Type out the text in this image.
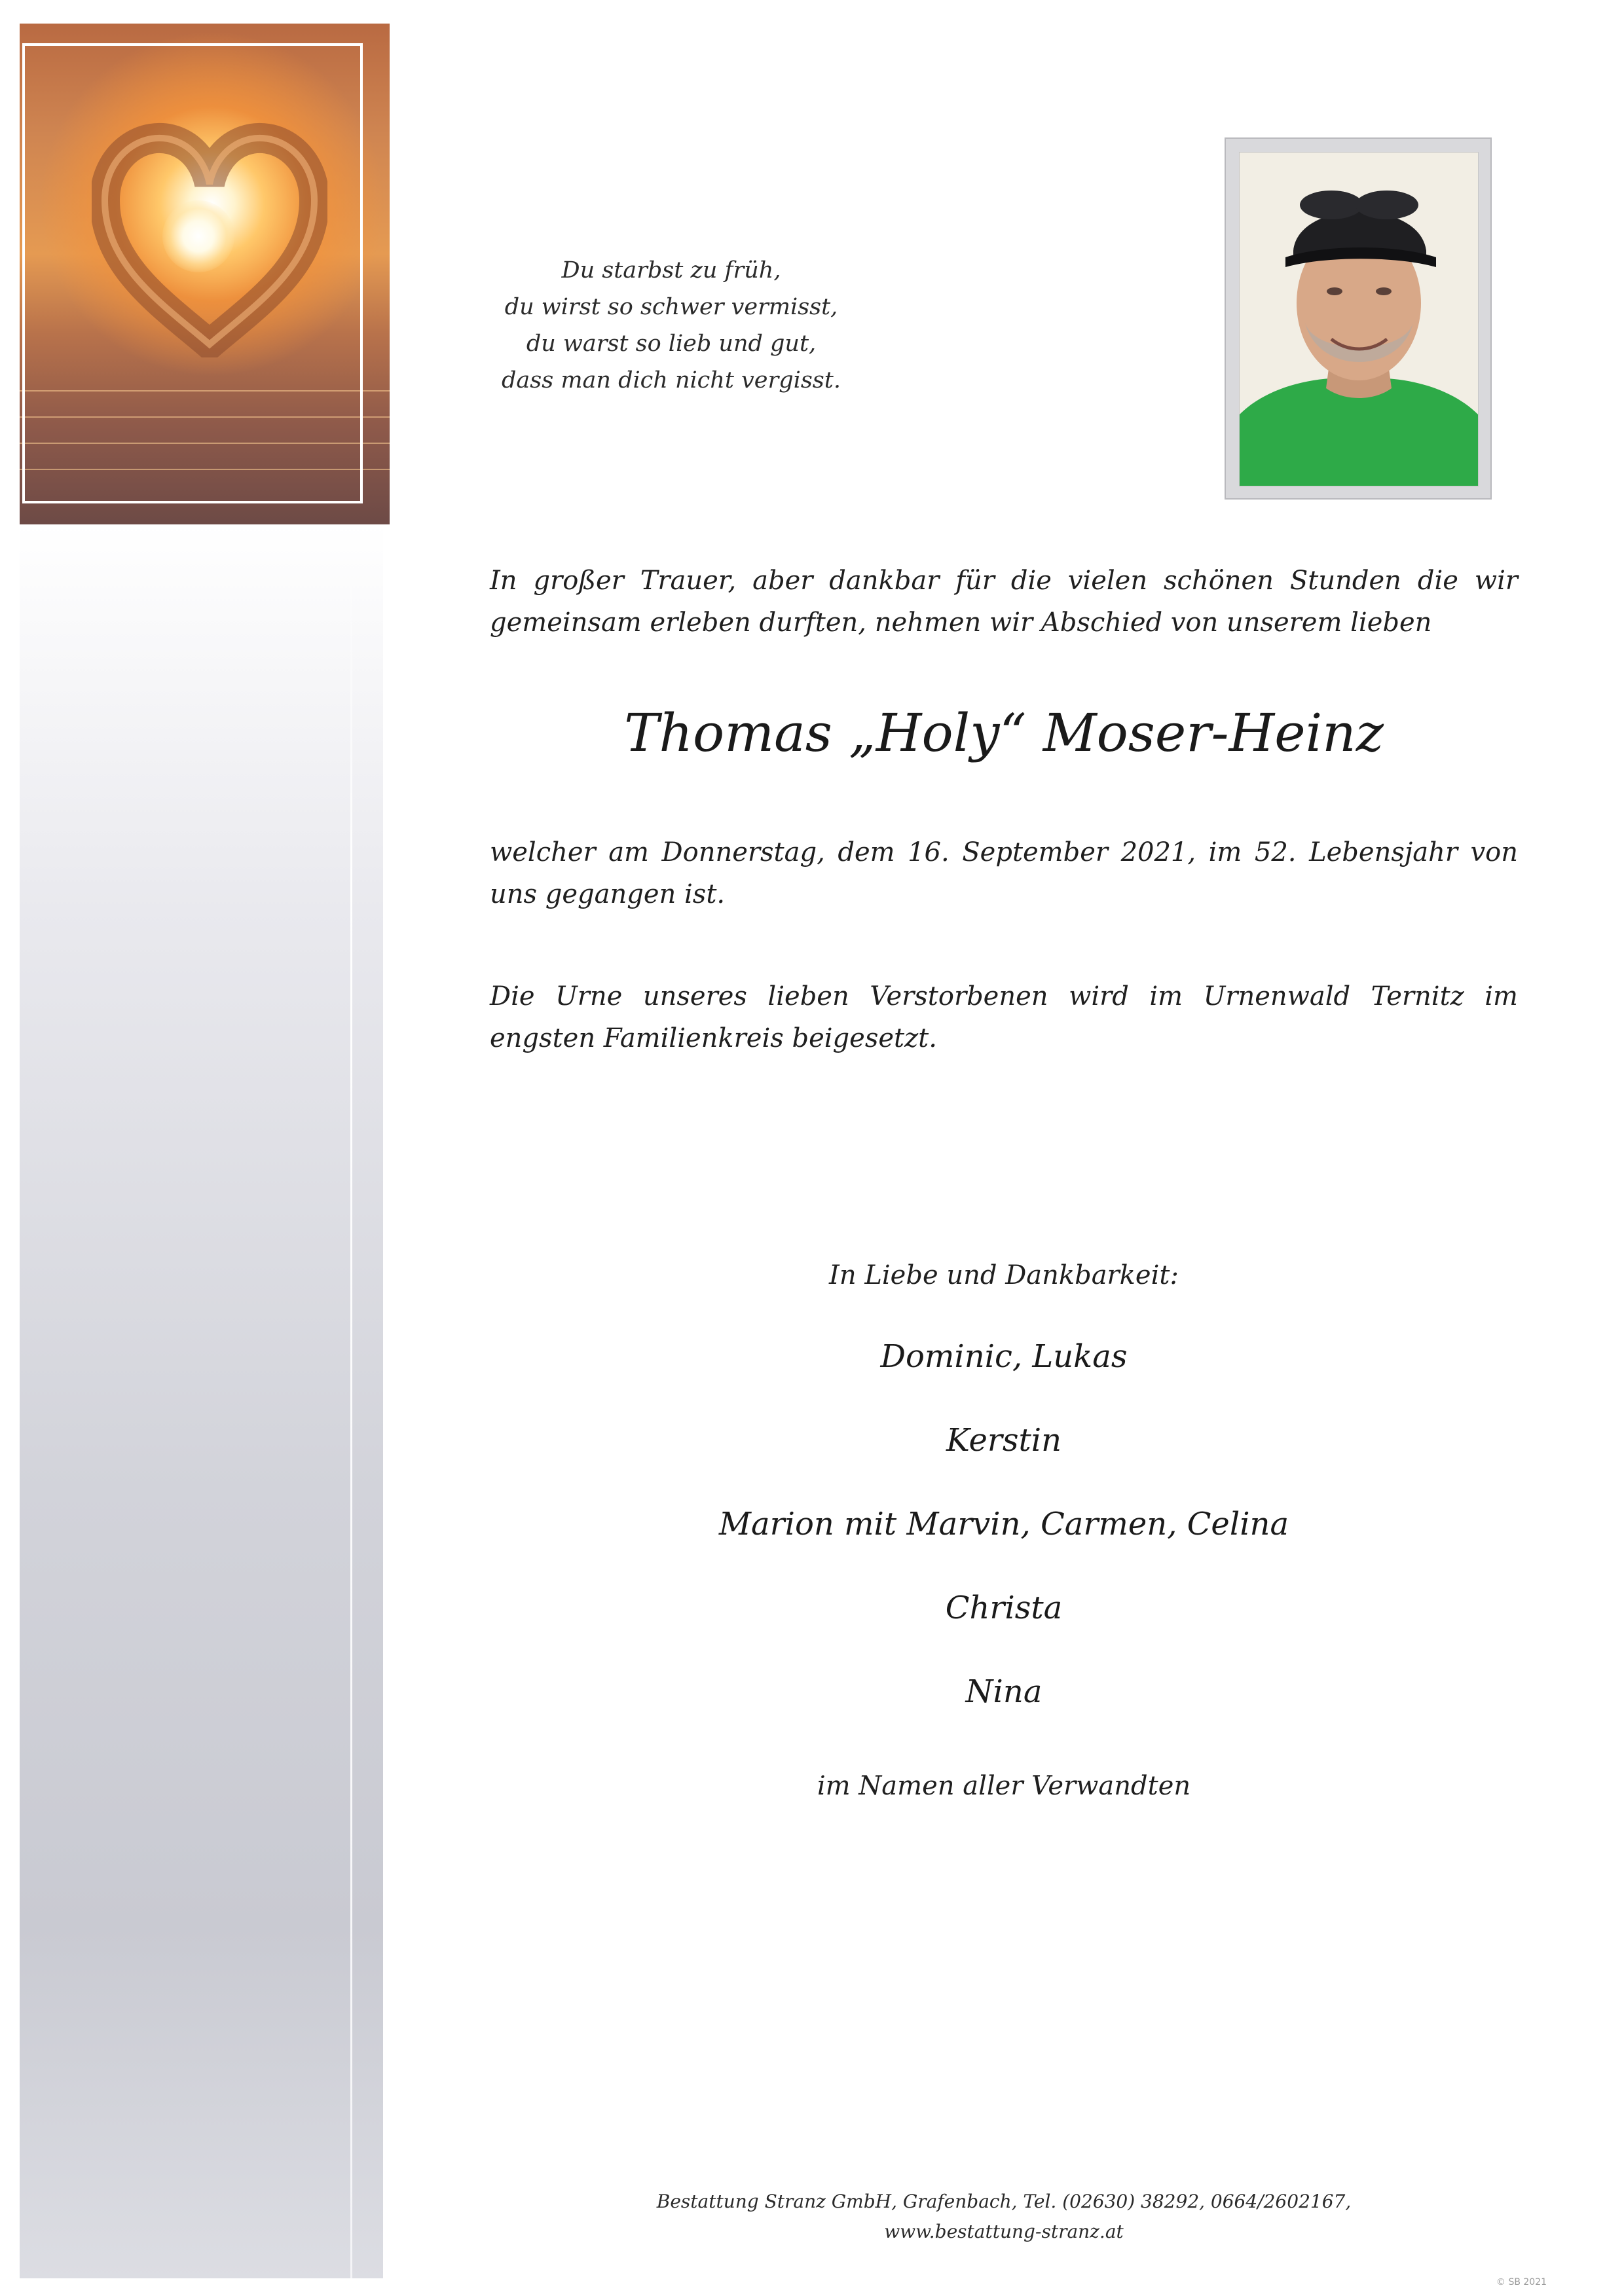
Du starbst zu früh,
du wirst so schwer vermisst,
du warst so lieb und gut,
dass man dich nicht vergisst.
In großer Trauer, aber dankbar für die vielen schönen Stunden die wir gemeinsam erleben durften, nehmen wir Abschied von unserem lieben
Thomas „Holy“ Moser-Heinz
welcher am Donnerstag, dem 16. September 2021, im 52. Lebensjahr von uns gegangen ist.
Die Urne unseres lieben Verstorbenen wird im Urnenwald Ternitz im engsten Familienkreis beigesetzt.
In Liebe und Dankbarkeit:
Dominic, Lukas
Kerstin
Marion mit Marvin, Carmen, Celina
Christa
Nina
im Namen aller Verwandten
Bestattung Stranz GmbH, Grafenbach, Tel. (02630) 38292, 0664/2602167,
www.bestattung-stranz.at
© SB 2021
